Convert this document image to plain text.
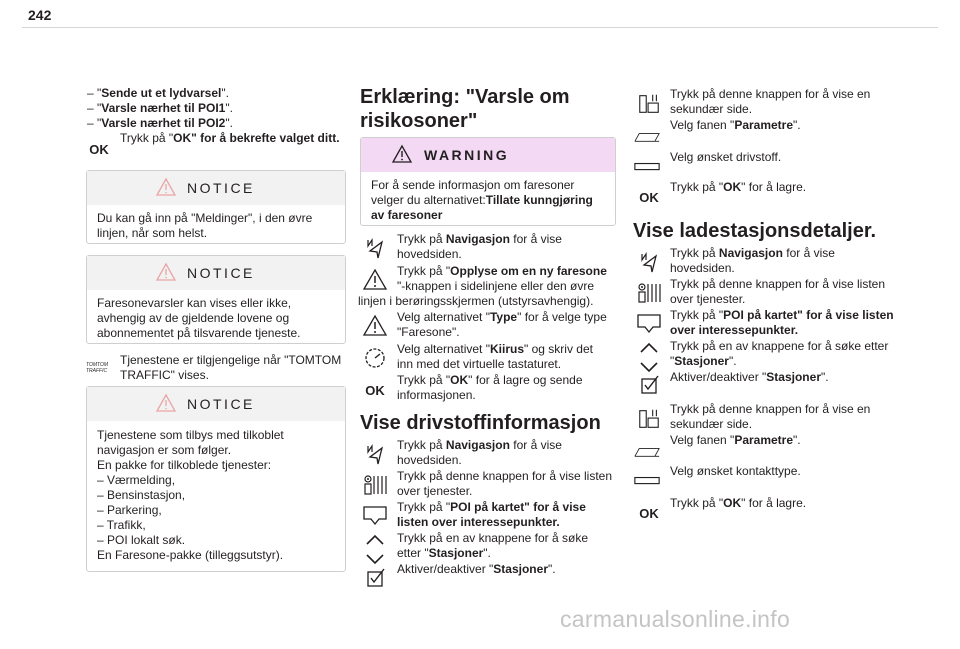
242
– "Sende ut et lydvarsel".
– "Varsle nærhet til POI1".
– "Varsle nærhet til POI2".
OK
Trykk på "OK" for å bekrefte valget ditt.
NOTICE
Du kan gå inn på "Meldinger", i den øvre linjen, når som helst.
NOTICE
Faresonevarsler kan vises eller ikke, avhengig av de gjeldende lovene og abonnementet på tilsvarende tjeneste.
TOMTOM TRAFFIC
Tjenestene er tilgjengelige når "TOMTOM TRAFFIC" vises.
NOTICE
Tjenestene som tilbys med tilkoblet navigasjon er som følger.
En pakke for tilkoblede tjenester:
– Værmelding,
– Bensinstasjon,
– Parkering,
– Trafikk,
– POI lokalt søk.
En Faresone-pakke (tilleggsutstyr).
Erklæring: "Varsle om risikosoner"
WARNING
For å sende informasjon om faresoner velger du alternativet:Tillate kunngjøring av faresoner
Trykk på Navigasjon for å vise hovedsiden.
Trykk på "Opplyse om en ny faresone
"-knappen i sidelinjene eller den øvre linjen i berøringsskjermen (utstyrsavhengig).
Velg alternativet "Type" for å velge type "Faresone".
Velg alternativet "Kiirus" og skriv det inn med det virtuelle tastaturet.
OK
Trykk på "OK" for å lagre og sende informasjonen.
Vise drivstoffinformasjon
Trykk på Navigasjon for å vise hovedsiden.
Trykk på denne knappen for å vise listen over tjenester.
Trykk på "POI på kartet" for å vise listen over interessepunkter.
Trykk på en av knappene for å søke etter "Stasjoner".
Aktiver/deaktiver "Stasjoner".
Trykk på denne knappen for å vise en sekundær side.
Velg fanen "Parametre".
Velg ønsket drivstoff.
OK
Trykk på "OK" for å lagre.
Vise ladestasjonsdetaljer.
Trykk på Navigasjon for å vise hovedsiden.
Trykk på denne knappen for å vise listen over tjenester.
Trykk på "POI på kartet" for å vise listen over interessepunkter.
Trykk på en av knappene for å søke etter "Stasjoner".
Aktiver/deaktiver "Stasjoner".
Trykk på denne knappen for å vise en sekundær side.
Velg fanen "Parametre".
Velg ønsket kontakttype.
OK
Trykk på "OK" for å lagre.
carmanualsonline.info
